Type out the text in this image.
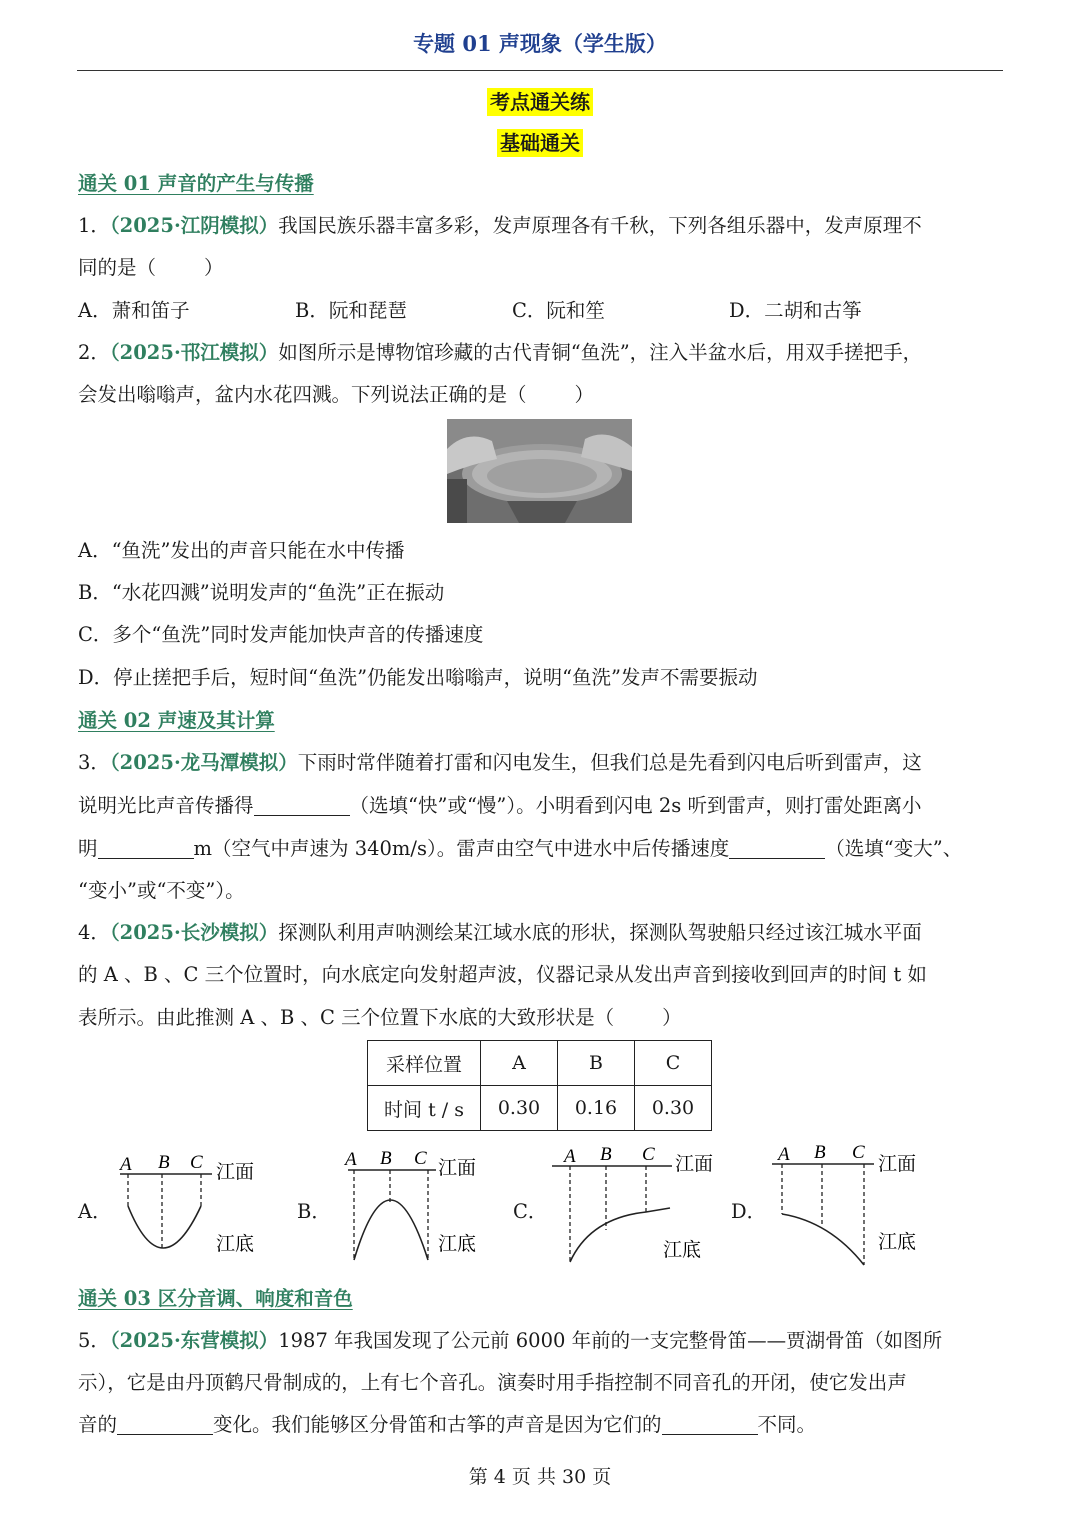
专题 01 声现象（学生版）
考点通关练
基础通关
通关 01 声音的产生与传播
1．（2025·江阴模拟）我国民族乐器丰富多彩，发声原理各有千秋，下列各组乐器中，发声原理不
同的是（ ）
A．萧和笛子	B．阮和琵琶	C．阮和笙	D．二胡和古筝
2．（2025·邗江模拟）如图所示是博物馆珍藏的古代青铜“鱼洗”，注入半盆水后，用双手搓把手，
会发出嗡嗡声，盆内水花四溅。下列说法正确的是（ ）
A．“鱼洗”发出的声音只能在水中传播
B．“水花四溅”说明发声的“鱼洗”正在振动
C．多个“鱼洗”同时发声能加快声音的传播速度
D．停止搓把手后，短时间“鱼洗”仍能发出嗡嗡声，说明“鱼洗”发声不需要振动
通关 02 声速及其计算
3．（2025·龙马潭模拟）下雨时常伴随着打雷和闪电发生，但我们总是先看到闪电后听到雷声，这
说明光比声音传播得	（选填“快”或“慢”）。小明看到闪电 2s 听到雷声，则打雷处距离小
明	m（空气中声速为 340m/s）。雷声由空气中进水中后传播速度	（选填“变大”、
“变小”或“不变”）。
4．（2025·长沙模拟）探测队利用声呐测绘某江域水底的形状，探测队驾驶船只经过该江城水平面
的 A 、B 、C 三个位置时，向水底定向发射超声波，仪器记录从发出声音到接收到回声的时间 t 如
表所示。由此推测 A 、B 、C 三个位置下水底的大致形状是（ ）
采样位置	A	B	C
时间 t / s	0.30	0.16	0.30
A．	B．	C．	D．
A B C 江面
江底
A B C 江面
江底
A B C 江面
江底
A B C
江面
江底
通关 03 区分音调、响度和音色
5．（2025·东营模拟）1987 年我国发现了公元前 6000 年前的一支完整骨笛——贾湖骨笛（如图所
示），它是由丹顶鹤尺骨制成的，上有七个音孔。演奏时用手指控制不同音孔的开闭，使它发出声
音的	变化。我们能够区分骨笛和古筝的声音是因为它们的	不同。
第 4 页 共 30 页
